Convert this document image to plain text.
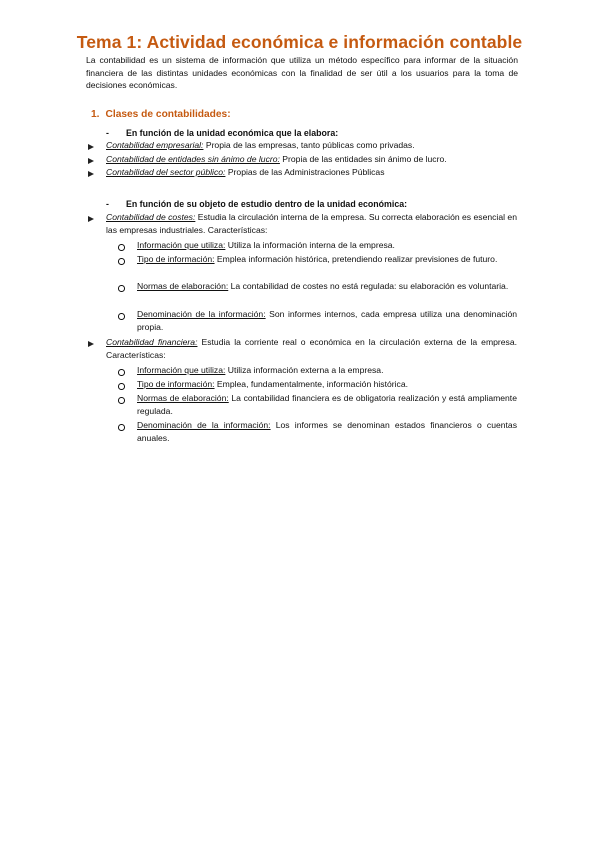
Tema 1: Actividad económica e información contable
La contabilidad es un sistema de información que utiliza un método específico para informar de la situación financiera de las distintas unidades económicas con la finalidad de ser útil a los usuarios para la toma de decisiones económicas.
1. Clases de contabilidades:
- En función de la unidad económica que la elabora:
Contabilidad empresarial: Propia de las empresas, tanto públicas como privadas.
Contabilidad de entidades sin ánimo de lucro: Propia de las entidades sin ánimo de lucro.
Contabilidad del sector público: Propias de las Administraciones Públicas
- En función de su objeto de estudio dentro de la unidad económica:
Contabilidad de costes: Estudia la circulación interna de la empresa. Su correcta elaboración es esencial en las empresas industriales. Características:
Información que utiliza: Utiliza la información interna de la empresa.
Tipo de información: Emplea información histórica, pretendiendo realizar previsiones de futuro.
Normas de elaboración: La contabilidad de costes no está regulada: su elaboración es voluntaria.
Denominación de la información: Son informes internos, cada empresa utiliza una denominación propia.
Contabilidad financiera: Estudia la corriente real o económica en la circulación externa de la empresa. Características:
Información que utiliza: Utiliza información externa a la empresa.
Tipo de información: Emplea, fundamentalmente, información histórica.
Normas de elaboración: La contabilidad financiera es de obligatoria realización y está ampliamente regulada.
Denominación de la información: Los informes se denominan estados financieros o cuentas anuales.
